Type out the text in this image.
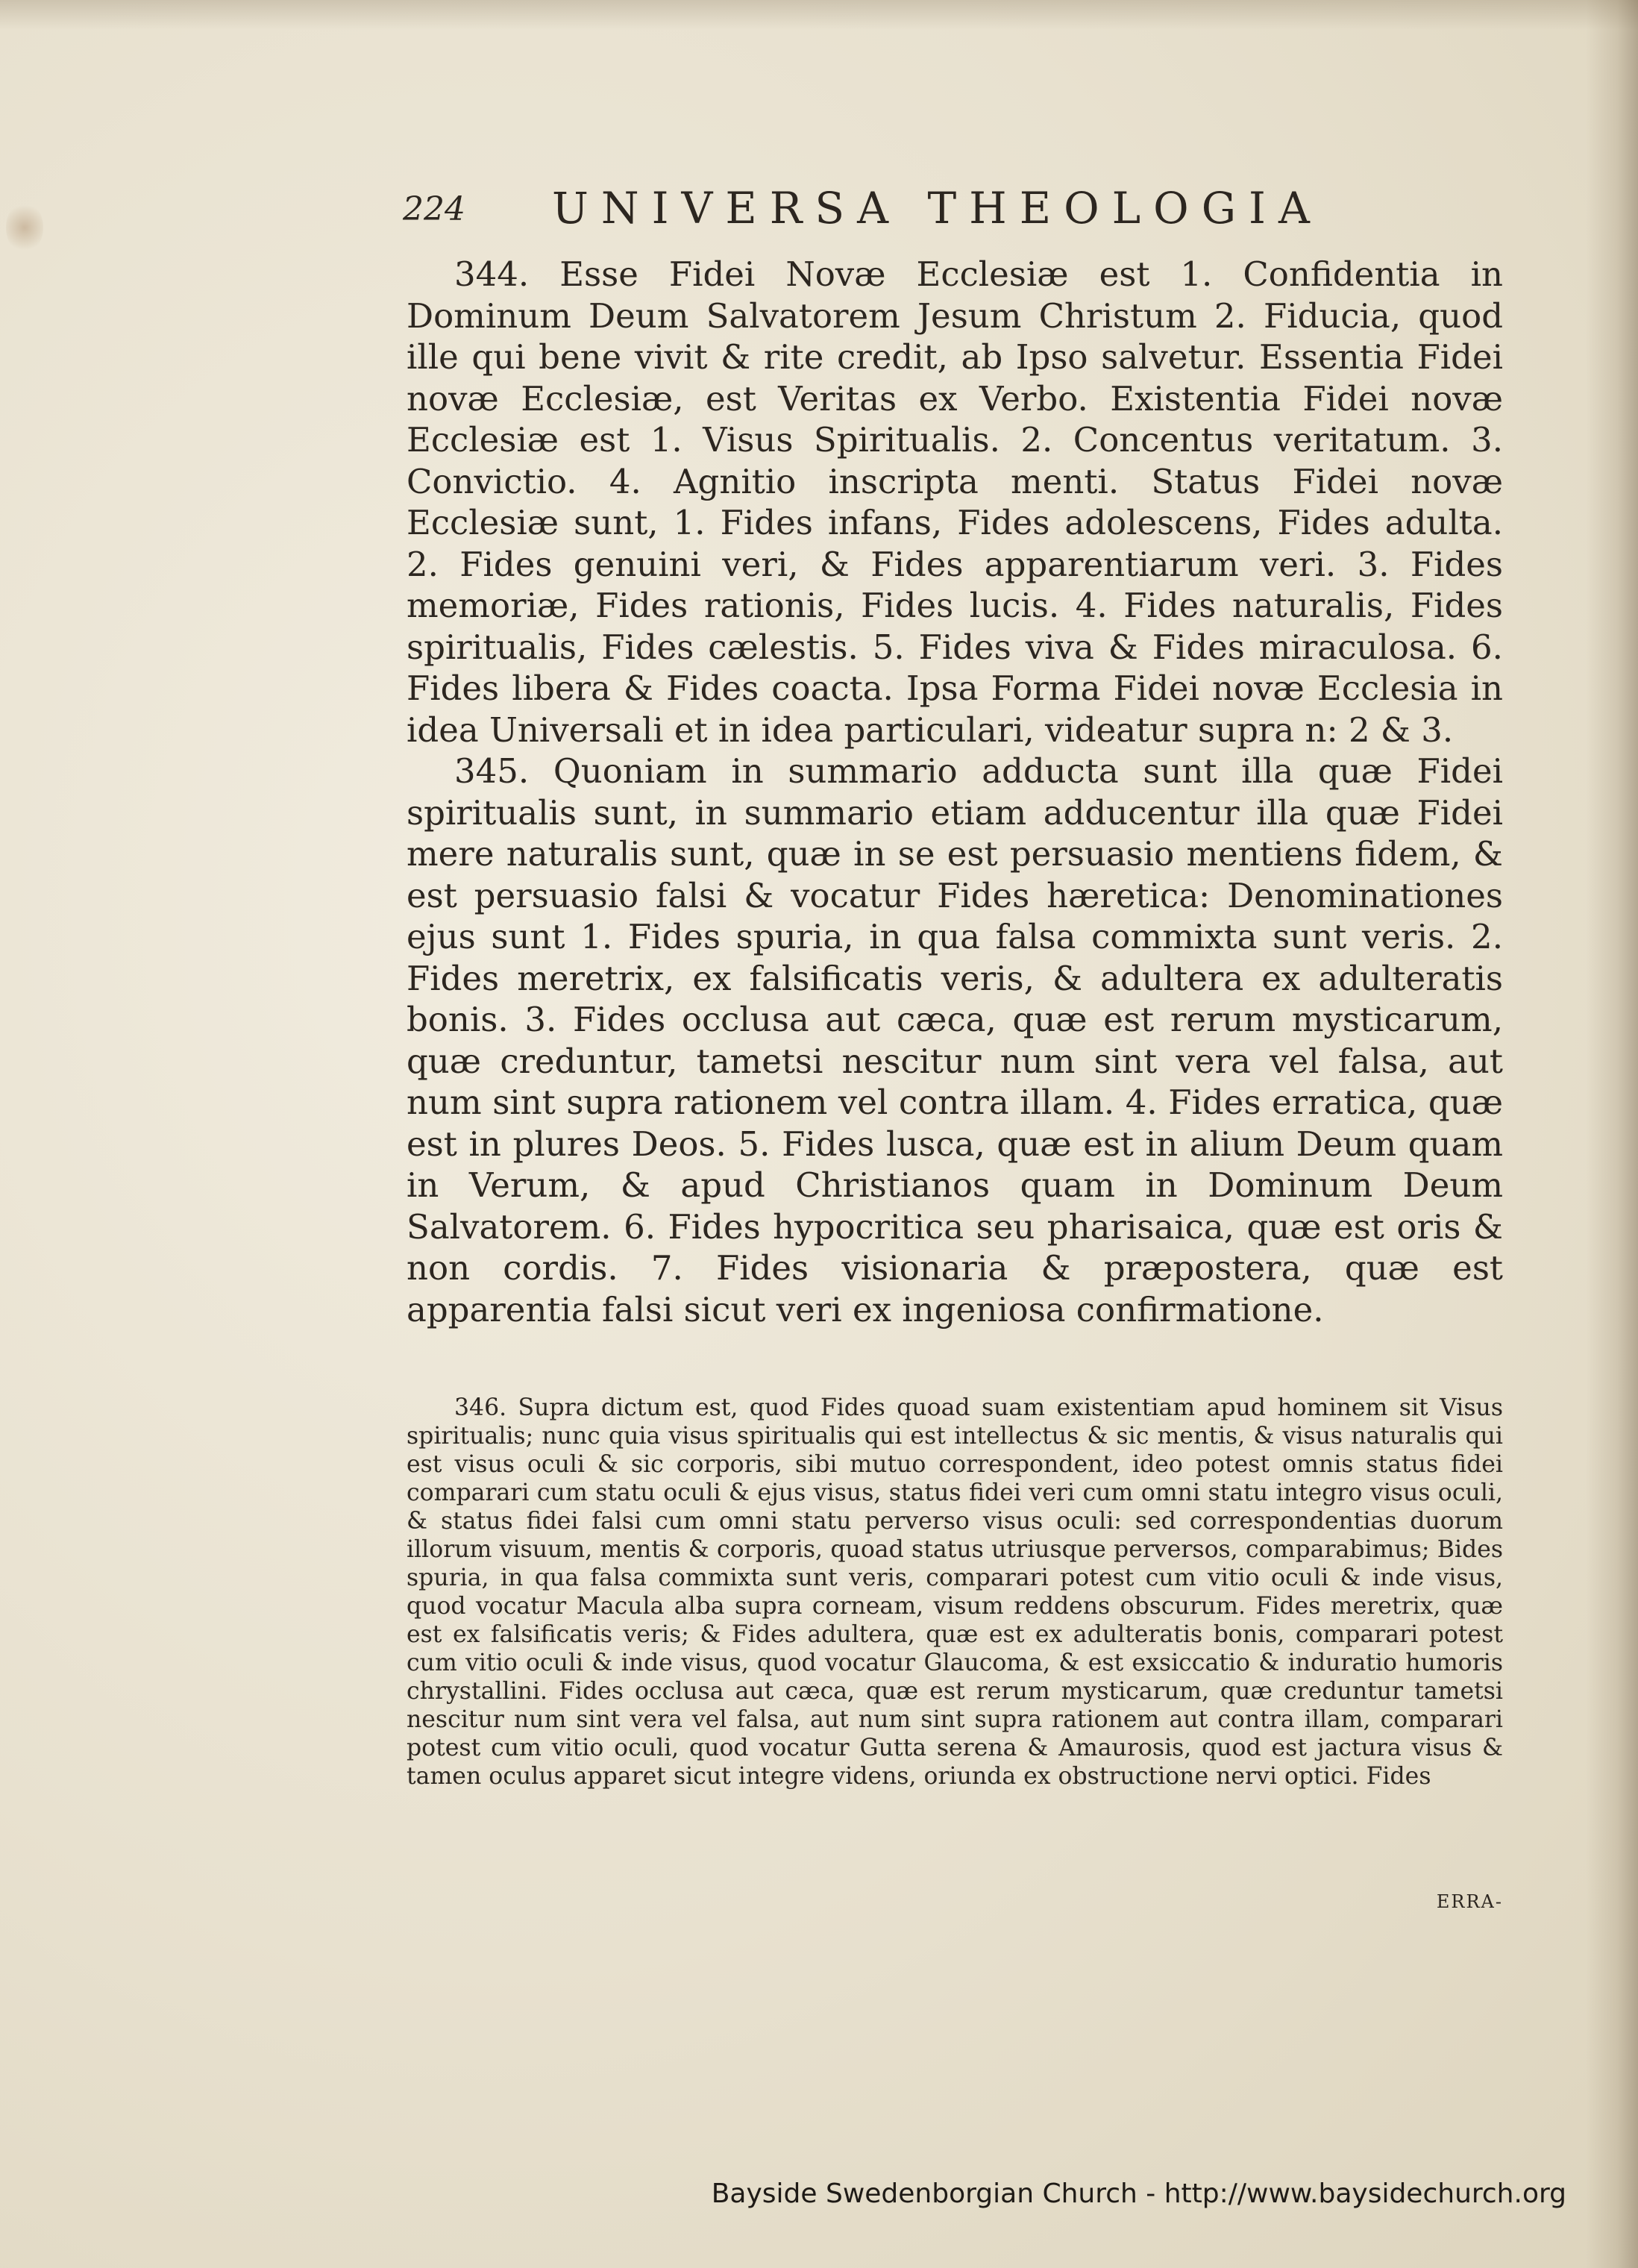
224 UNIVERSA THEOLOGIA

344. Esse Fidei Novæ Ecclesiæ est 1. Confidentia in Dominum Deum Salvatorem Jesum Christum 2. Fiducia, quod ille qui bene vivit & rite credit, ab Ipso salvetur. Essentia Fidei novæ Ecclesiæ, est Veritas ex Verbo. Existentia Fidei novæ Ecclesiæ est 1. Visus Spiritualis. 2. Concentus veritatum. 3. Convictio. 4. Agnitio inscripta menti. Status Fidei novæ Ecclesiæ sunt, 1. Fides infans, Fides adolescens, Fides adulta. 2. Fides genuini veri, & Fides apparentiarum veri. 3. Fides memoriæ, Fides rationis, Fides lucis. 4. Fides naturalis, Fides spiritualis, Fides cælestis. 5. Fides viva & Fides miraculosa. 6. Fides libera & Fides coacta. Ipsa Forma Fidei novæ Ecclesia in idea Universali et in idea particulari, videatur supra n: 2 & 3.

345. Quoniam in summario adducta sunt illa quæ Fidei spiritualis sunt, in summario etiam adducentur illa quæ Fidei mere naturalis sunt, quæ in se est persuasio mentiens fidem, & est persuasio falsi & vocatur Fides hæretica: Denominationes ejus sunt 1. Fides spuria, in qua falsa commixta sunt veris. 2. Fides meretrix, ex falsificatis veris, & adultera ex adulteratis bonis. 3. Fides occlusa aut cæca, quæ est rerum mysticarum, quæ creduntur, tametsi nescitur num sint vera vel falsa, aut num sint supra rationem vel contra illam. 4. Fides erratica, quæ est in plures Deos. 5. Fides lusca, quæ est in alium Deum quam in Verum, & apud Christianos quam in Dominum Deum Salvatorem. 6. Fides hypocritica seu pharisaica, quæ est oris & non cordis. 7. Fides visionaria & præpostera, quæ est apparentia falsi sicut veri ex ingeniosa confirmatione.

346. Supra dictum est, quod Fides quoad suam existentiam apud hominem sit Visus spiritualis; nunc quia visus spiritualis qui est intellectus & sic mentis, & visus naturalis qui est visus oculi & sic corporis, sibi mutuo correspondent, ideo potest omnis status fidei comparari cum statu oculi & ejus visus, status fidei veri cum omni statu integro visus oculi, & status fidei falsi cum omni statu perverso visus oculi: sed correspondentias duorum illorum visuum, mentis & corporis, quoad status utriusque perversos, comparabimus; Bides spuria, in qua falsa commixta sunt veris, comparari potest cum vitio oculi & inde visus, quod vocatur Macula alba supra corneam, visum reddens obscurum. Fides meretrix, quæ est ex falsificatis veris; & Fides adultera, quæ est ex adulteratis bonis, comparari potest cum vitio oculi & inde visus, quod vocatur Glaucoma, & est exsiccatio & induratio humoris chrystallini. Fides occlusa aut cæca, quæ est rerum mysticarum, quæ creduntur tametsi nescitur num sint vera vel falsa, aut num sint supra rationem aut contra illam, comparari potest cum vitio oculi, quod vocatur Gutta serena & Amaurosis, quod est jactura visus & tamen oculus apparet sicut integre videns, oriunda ex obstructione nervi optici. Fides

ERRA-
Bayside Swedenborgian Church - http://www.baysidechurch.org
